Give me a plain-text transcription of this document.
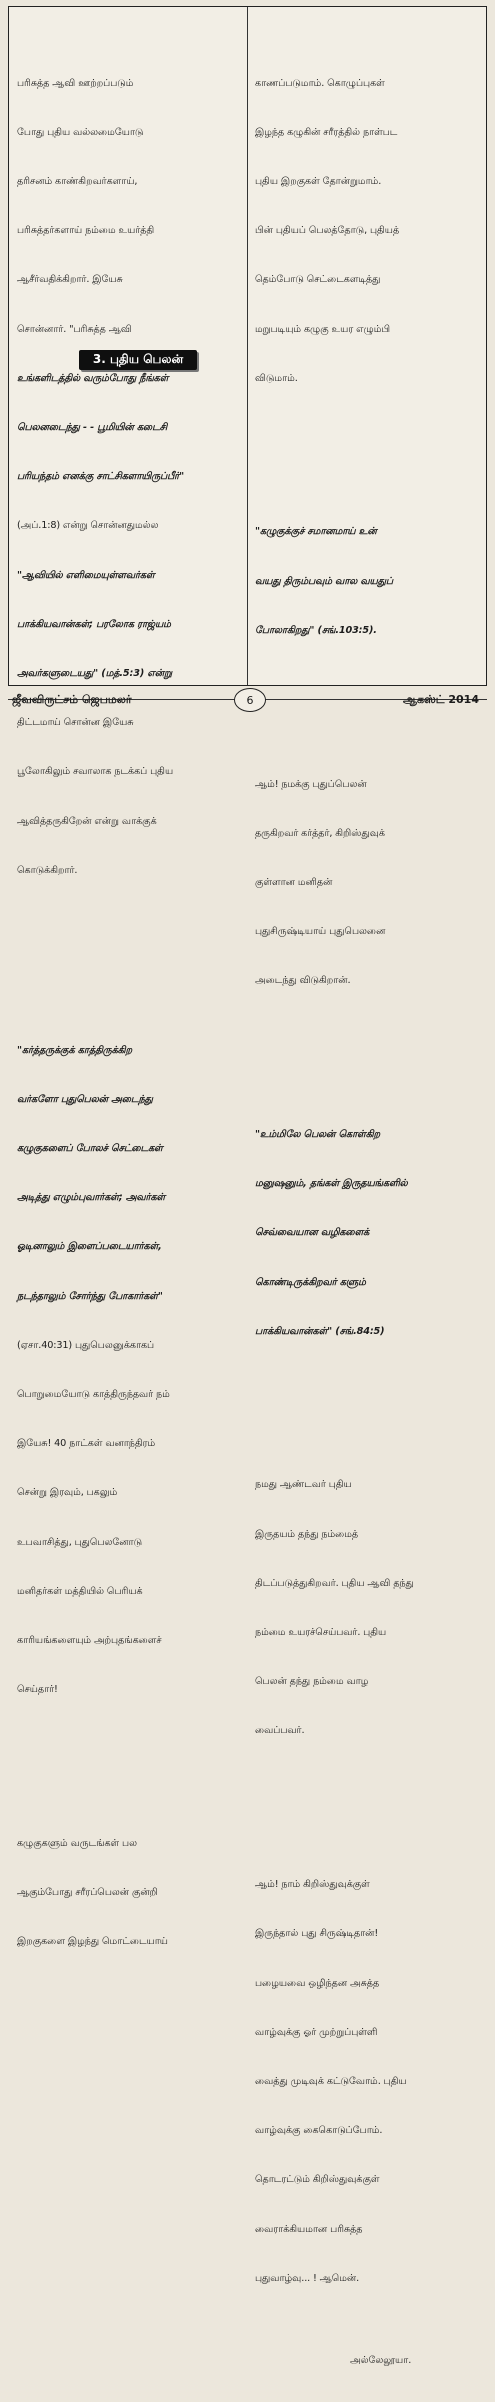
பரிசுத்த ஆவி ஊற்றப்படும்

போது புதிய வல்லமையோடு

தரிசனம் காண்கிறவர்களாய்,

பரிசுத்தர்களாய் நம்மை உயர்த்தி

ஆசீர்வதிக்கிறார். இயேசு

சொன்னார். "பரிசுத்த ஆவி

உங்களிடத்தில் வரும்போது நீங்கள்

பெலனடைந்து - - பூமியின் கடைசி

பரியந்தம் எனக்கு சாட்சிகளாயிருப்பீர்"

(அப்.1:8) என்று சொன்னதுமல்ல

"ஆவியில் எளிமையுள்ளவர்கள்

பாக்கியவான்கள்; பரலோக ராஜ்யம்

அவர்களுடையது" (மத்.5:3) என்று

திட்டமாய் சொன்ன இயேசு

பூலோகிலும் சவாலாக நடக்கப் புதிய

ஆவித்தருகிறேன் என்று வாக்குக்

கொடுக்கிறார்.

"கர்த்தருக்குக் காத்திருக்கிற

வர்களோ புதுபெலன் அடைந்து

கழுகுகளைப் போலச் செட்டைகள்

அடித்து எழும்புவார்கள்; அவர்கள்

ஓடினாலும் இளைப்படையார்கள்,

நடந்தாலும் சோர்ந்து போகார்கள்"

(ஏசா.40:31) புதுபெலனுக்காகப்

பொறுமையோடு காத்திருந்தவர் நம்

இயேசு! 40 நாட்கள் வனாந்திரம்

சென்று இரவும், பகலும்

உபவாசித்து, புதுபெலனோடு

மனிதர்கள் மத்தியில் பெரியக்

காரியங்களையும் அற்புதங்களைச்

செய்தார்!

கழுகுகளும் வருடங்கள் பல

ஆகும்போது சரீரப்பெலன் குன்றி

இறகுகளை இழந்து மொட்டையாய்

3. புதிய பெலன்

காணப்படுமாம். கொழுப்புகள்

இழந்த கழுகின் சரீரத்தில் நாள்பட

புதிய இறகுகள் தோன்றுமாம்.

பின் புதியப் பெலத்தோடு, புதியத்

தெம்போடு செட்டைகளடித்து

மறுபடியும் கழுகு உயர எழும்பி

விடுமாம்.

"கழுகுக்குச் சமானமாய் உன்

வயது திரும்பவும் வால வயதுப்

போலாகிறது" (சங்.103:5).

ஆம்! நமக்கு புதுப்பெலன்

தருகிறவர் கர்த்தர், கிறிஸ்துவுக்

குள்ளான மனிதன்

புதுசிருஷ்டியாய் புதுபெலனை

அடைந்து விடுகிறான்.

"உம்மிலே பெலன் கொள்கிற

மனுஷனும், தங்கள் இருதயங்களில்

செவ்வையான வழிகளைக்

கொண்டிருக்கிறவர் களும்

பாக்கியவான்கள்" (சங்.84:5)

நமது ஆண்டவர் புதிய

இருதயம் தந்து நம்மைத்

திடப்படுத்துகிறவர். புதிய ஆவி தந்து

நம்மை உயரச்செய்பவர். புதிய

பெலன் தந்து நம்மை வாழ

வைப்பவர்.

ஆம்! நாம் கிறிஸ்துவுக்குள்

இருந்தால் புது சிருஷ்டிதான்!

பழையவை ஒழிந்தன அசுத்த

வாழ்வுக்கு ஓர் முற்றுப்புள்ளி

வைத்து முடிவுக் கட்டுவோம். புதிய

வாழ்வுக்கு கைகொடுப்போம்.

தொடரட்டும் கிறிஸ்துவுக்குள்

வைராக்கியமான பரிசுத்த

புதுவாழ்வு... ! ஆமென்.

அல்லேலூயா.

ஜீவவிருட்சம் ஜெபமலர்	6	ஆகஸ்ட் 2014
